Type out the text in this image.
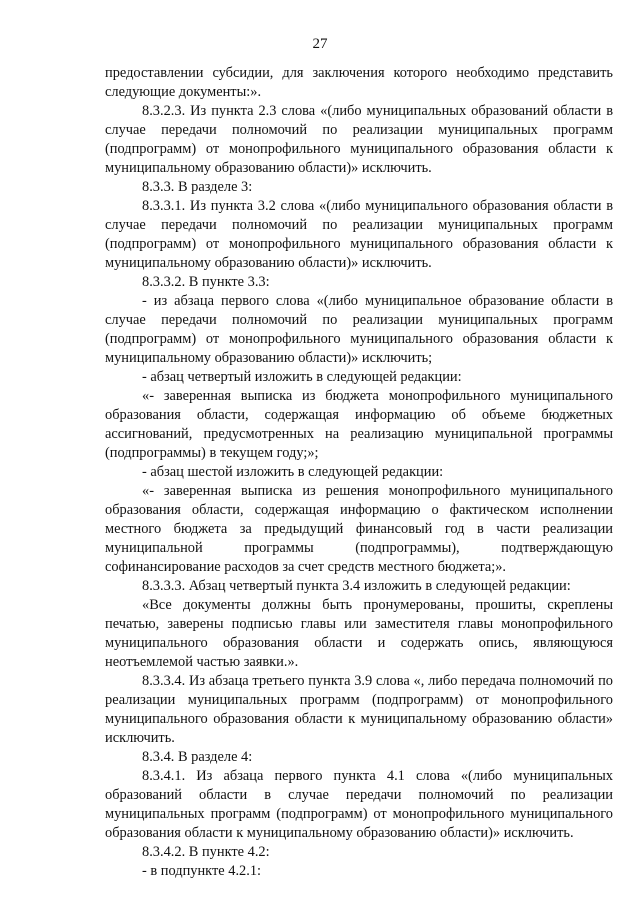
27

предоставлении субсидии, для заключения которого необходимо представить следующие документы:».

8.3.2.3. Из пункта 2.3 слова «(либо муниципальных образований области в случае передачи полномочий по реализации муниципальных программ (подпрограмм) от монопрофильного муниципального образования области к муниципальному образованию области)» исключить.

8.3.3. В разделе 3:

8.3.3.1. Из пункта 3.2 слова «(либо муниципального образования области в случае передачи полномочий по реализации муниципальных программ (подпрограмм) от монопрофильного муниципального образования области к муниципальному образованию области)» исключить.

8.3.3.2. В пункте 3.3:

- из абзаца первого слова «(либо муниципальное образование области в случае передачи полномочий по реализации муниципальных программ (подпрограмм) от монопрофильного муниципального образования области к муниципальному образованию области)» исключить;

- абзац четвертый изложить в следующей редакции:

«- заверенная выписка из бюджета монопрофильного муниципального образования области, содержащая информацию об объеме бюджетных ассигнований, предусмотренных на реализацию муниципальной программы (подпрограммы) в текущем году;»;

- абзац шестой изложить в следующей редакции:

«- заверенная выписка из решения монопрофильного муниципального образования области, содержащая информацию о фактическом исполнении местного бюджета за предыдущий финансовый год в части реализации муниципальной программы (подпрограммы), подтверждающую софинансирование расходов за счет средств местного бюджета;».

8.3.3.3. Абзац четвертый пункта 3.4 изложить в следующей редакции:

«Все документы должны быть пронумерованы, прошиты, скреплены печатью, заверены подписью главы или заместителя главы монопрофильного муниципального образования области и содержать опись, являющуюся неотъемлемой частью заявки.».

8.3.3.4. Из абзаца третьего пункта 3.9 слова «, либо передача полномочий по реализации муниципальных программ (подпрограмм) от монопрофильного муниципального образования области к муниципальному образованию области» исключить.

8.3.4. В разделе 4:

8.3.4.1. Из абзаца первого пункта 4.1 слова «(либо муниципальных образований области в случае передачи полномочий по реализации муниципальных программ (подпрограмм) от монопрофильного муниципального образования области к муниципальному образованию области)» исключить.

8.3.4.2. В пункте 4.2:

- в подпункте 4.2.1:
